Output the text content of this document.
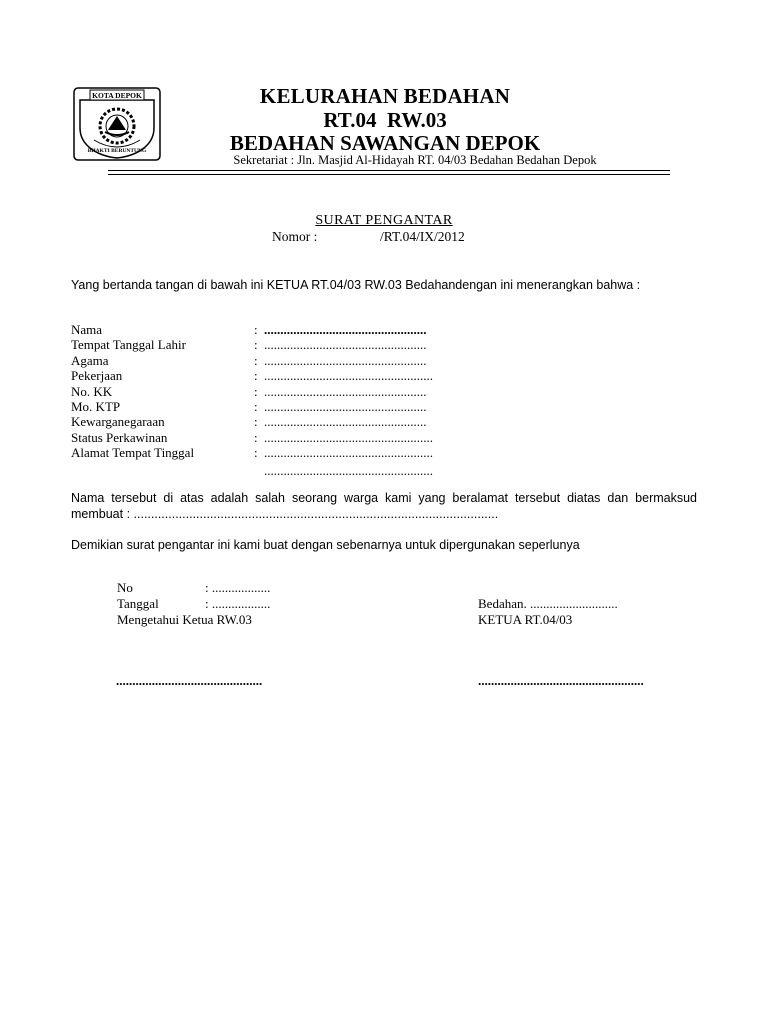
KOTA DEPOK
BHAKTI BERUNTUNG
KELURAHAN BEDAHAN
RT.04  RW.03
BEDAHAN SAWANGAN DEPOK
Sekretariat : Jln. Masjid Al-Hidayah RT. 04/03 Bedahan Bedahan Depok
SURAT PENGANTAR
Nomor :	/RT.04/IX/2012
Yang bertanda tangan di bawah ini KETUA RT.04/03 RW.03 Bedahandengan ini menerangkan bahwa :
Nama	: ..................................................
Tempat Tanggal Lahir	: ..................................................
Agama	: ..................................................
Pekerjaan	: ....................................................
No. KK	: ..................................................
Mo. KTP	: ..................................................
Kewarganegaraan	: ..................................................
Status Perkawinan	: ....................................................
Alamat Tempat Tinggal	: ....................................................
....................................................
Nama tersebut di atas adalah salah seorang warga kami yang beralamat tersebut diatas dan bermaksud membuat : .........................................................................................................
Demikian surat pengantar ini kami buat dengan sebenarnya untuk dipergunakan seperlunya
No	: ..................
Tanggal	: ..................
Mengetahui Ketua RW.03
Bedahan. ...........................
KETUA RT.04/03
.............................................	...................................................
